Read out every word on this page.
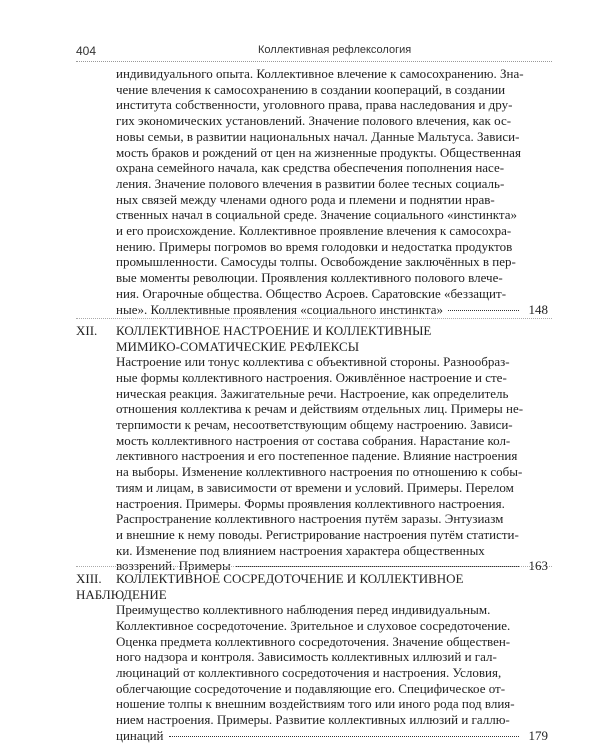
404	Коллективная рефлексология
индивидуального опыта. Коллективное влечение к самосохранению. Зна-
чение влечения к самосохранению в создании коопераций, в создании
института собственности, уголовного права, права наследования и дру-
гих экономических установлений. Значение полового влечения, как ос-
новы семьи, в развитии национальных начал. Данные Мальтуса. Зависи-
мость браков и рождений от цен на жизненные продукты. Общественная
охрана семейного начала, как средства обеспечения пополнения насе-
ления. Значение полового влечения в развитии более тесных социаль-
ных связей между членами одного рода и племени и поднятии нрав-
ственных начал в социальной среде. Значение социального «инстинкта»
и его происхождение. Коллективное проявление влечения к самосохра-
нению. Примеры погромов во время голодовки и недостатка продуктов
промышленности. Самосуды толпы. Освобождение заключённых в пер-
вые моменты революции. Проявления коллективного полового влече-
ния. Огарочные общества. Общество Асроев. Саратовские «беззащит-
ные». Коллективные проявления «социального инстинкта»	148
XII. КОЛЛЕКТИВНОЕ НАСТРОЕНИЕ И КОЛЛЕКТИВНЫЕ
МИМИКО-СОМАТИЧЕСКИЕ РЕФЛЕКСЫ
Настроение или тонус коллектива с объективной стороны. Разнообраз-
ные формы коллективного настроения. Оживлённое настроение и сте-
ническая реакция. Зажигательные речи. Настроение, как определитель
отношения коллектива к речам и действиям отдельных лиц. Примеры не-
терпимости к речам, несоответствующим общему настроению. Зависи-
мость коллективного настроения от состава собрания. Нарастание кол-
лективного настроения и его постепенное падение. Влияние настроения
на выборы. Изменение коллективного настроения по отношению к собы-
тиям и лицам, в зависимости от времени и условий. Примеры. Перелом
настроения. Примеры. Формы проявления коллективного настроения.
Распространение коллективного настроения путём заразы. Энтузиазм
и внешние к нему поводы. Регистрирование настроения путём статисти-
ки. Изменение под влиянием настроения характера общественных
воззрений. Примеры	163
XIII. КОЛЛЕКТИВНОЕ СОСРЕДОТОЧЕНИЕ И КОЛЛЕКТИВНОЕ НАБЛЮДЕНИЕ
Преимущество коллективного наблюдения перед индивидуальным.
Коллективное сосредоточение. Зрительное и слуховое сосредоточение.
Оценка предмета коллективного сосредоточения. Значение обществен-
ного надзора и контроля. Зависимость коллективных иллюзий и гал-
люцинаций от коллективного сосредоточения и настроения. Условия,
облегчающие сосредоточение и подавляющие его. Специфическое от-
ношение толпы к внешним воздействиям того или иного рода под влия-
нием настроения. Примеры. Развитие коллективных иллюзий и галлю-
цинаций	179
